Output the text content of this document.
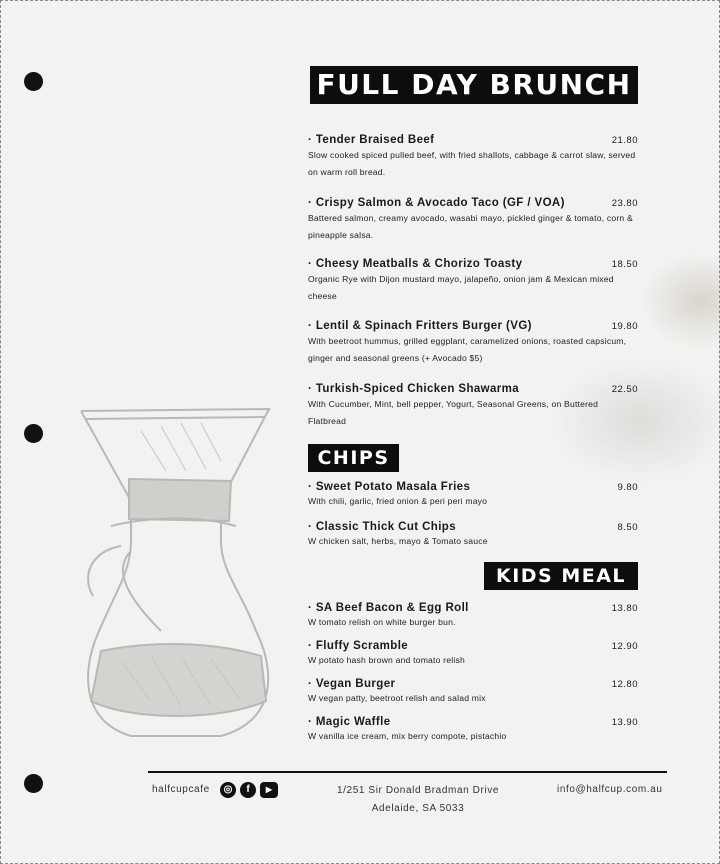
FULL DAY BRUNCH
· Tender Braised Beef	21.80
Slow cooked spiced pulled beef, with fried shallots, cabbage & carrot slaw, served on warm roll bread.
· Crispy Salmon & Avocado Taco (GF / VOA)	23.80
Battered salmon, creamy avocado, wasabi mayo, pickled ginger & tomato, corn & pineapple salsa.
· Cheesy Meatballs & Chorizo Toasty	18.50
Organic Rye with Dijon mustard mayo, jalapeño, onion jam & Mexican mixed cheese
· Lentil & Spinach Fritters Burger (VG)	19.80
With beetroot hummus, grilled eggplant, caramelized onions, roasted capsicum, ginger and seasonal greens (+ Avocado $5)
· Turkish-Spiced Chicken Shawarma	22.50
With Cucumber, Mint, bell pepper, Yogurt, Seasonal Greens, on Buttered Flatbread
CHIPS
· Sweet Potato Masala Fries	9.80
With chili, garlic, fried onion & peri peri mayo
· Classic Thick Cut Chips	8.50
W chicken salt, herbs, mayo & Tomato sauce
KIDS MEAL
· SA Beef Bacon & Egg Roll	13.80
W tomato relish on white burger bun.
· Fluffy Scramble	12.90
W potato hash brown and tomato relish
· Vegan Burger	12.80
W vegan patty, beetroot relish and salad mix
· Magic Waffle	13.90
W vanilla ice cream, mix berry compote, pistachio
halfcupcafe	◎	f	▶	1/251 Sir Donald Bradman Drive
Adelaide, SA 5033
info@halfcup.com.au
